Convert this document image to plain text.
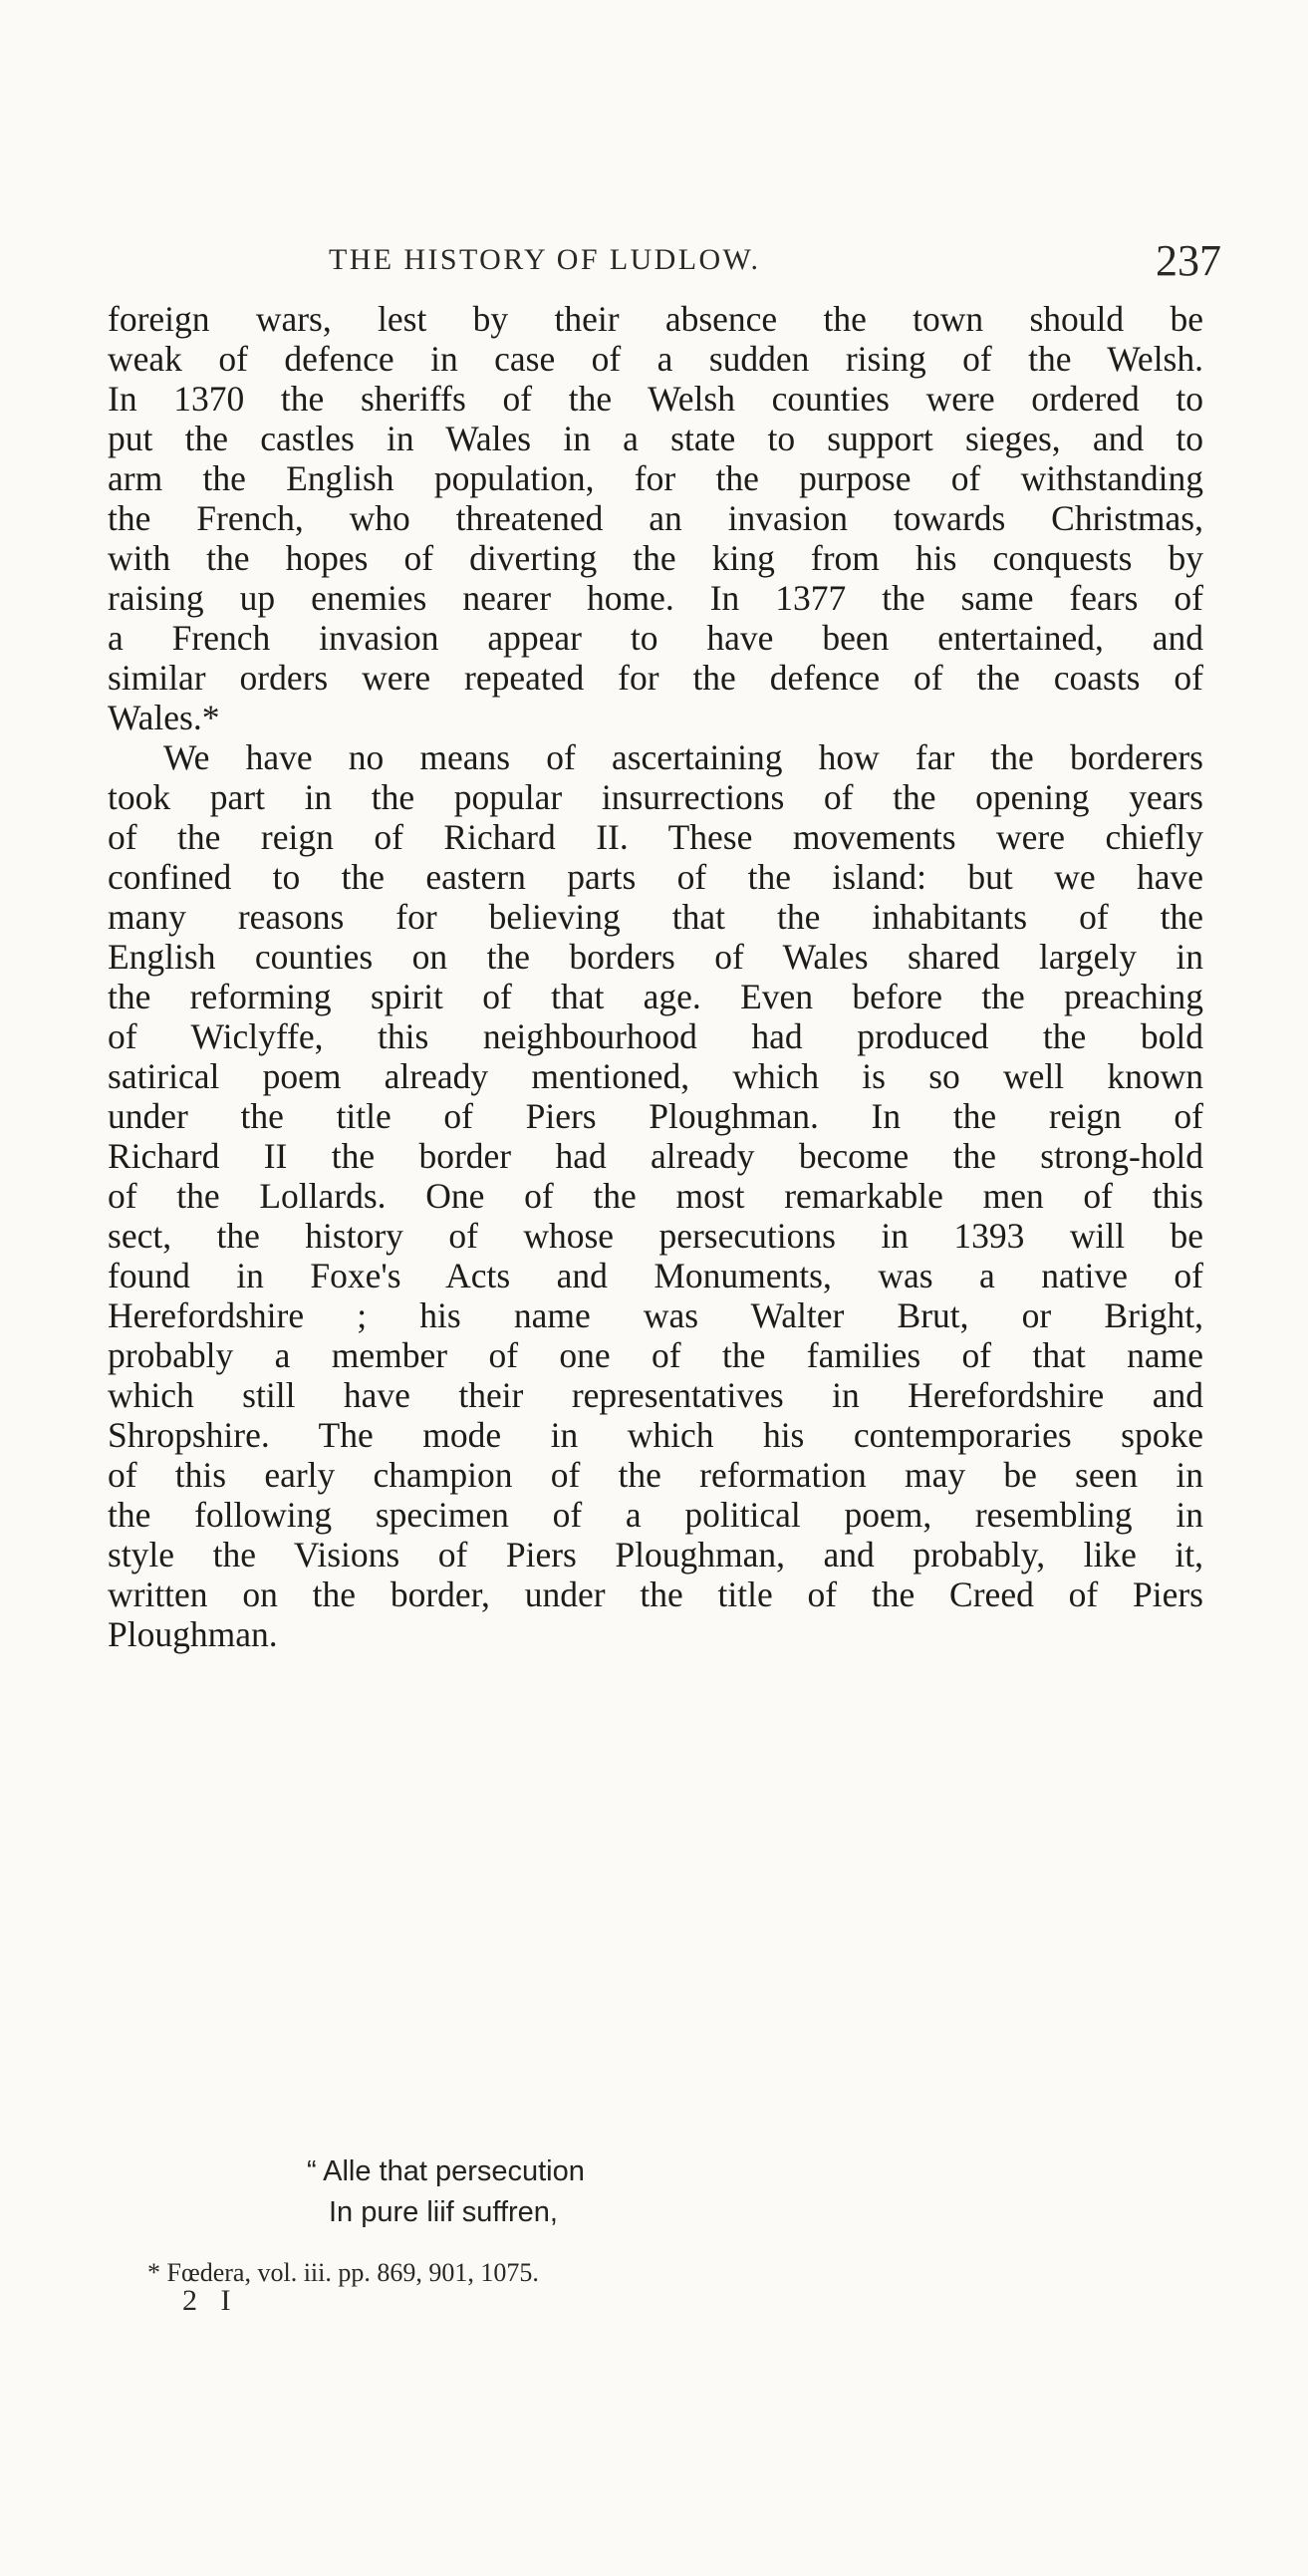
THE HISTORY OF LUDLOW.	237
foreign wars, lest by their absence the town should be
weak of defence in case of a sudden rising of the Welsh.
In 1370 the sheriffs of the Welsh counties were ordered to
put the castles in Wales in a state to support sieges, and to
arm the English population, for the purpose of withstanding
the French, who threatened an invasion towards Christmas,
with the hopes of diverting the king from his conquests by
raising up enemies nearer home. In 1377 the same fears of
a French invasion appear to have been entertained, and
similar orders were repeated for the defence of the coasts of
Wales.*
We have no means of ascertaining how far the borderers
took part in the popular insurrections of the opening years
of the reign of Richard II. These movements were chiefly
confined to the eastern parts of the island: but we have
many reasons for believing that the inhabitants of the
English counties on the borders of Wales shared largely in
the reforming spirit of that age. Even before the preaching
of Wiclyffe, this neighbourhood had produced the bold
satirical poem already mentioned, which is so well known
under the title of Piers Ploughman. In the reign of
Richard II the border had already become the strong-hold
of the Lollards. One of the most remarkable men of this
sect, the history of whose persecutions in 1393 will be
found in Foxe's Acts and Monuments, was a native of
Herefordshire ; his name was Walter Brut, or Bright,
probably a member of one of the families of that name
which still have their representatives in Herefordshire and
Shropshire. The mode in which his contemporaries spoke
of this early champion of the reformation may be seen in
the following specimen of a political poem, resembling in
style the Visions of Piers Ploughman, and probably, like it,
written on the border, under the title of the Creed of Piers
Ploughman.
“ Alle that persecution
In pure liif suffren,
* Fœdera, vol. iii. pp. 869, 901, 1075.
2 I
